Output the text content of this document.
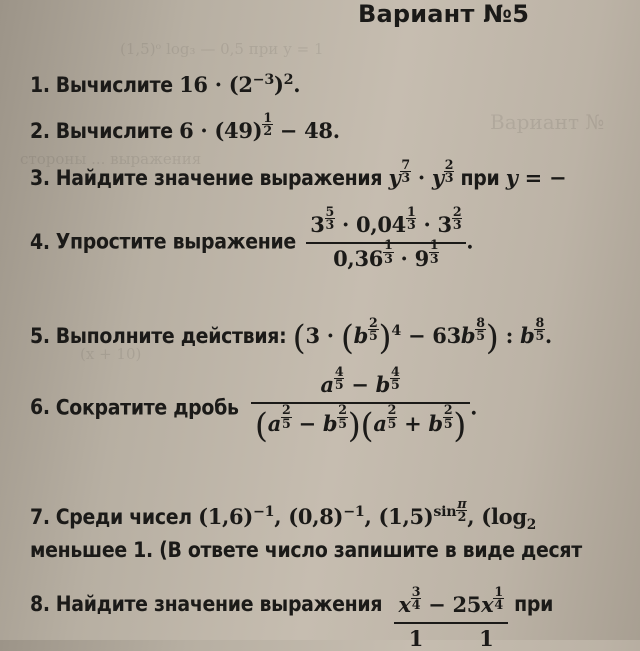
(1,5)ᵒ log₃ — 0,5 при у = 1
Вариант №
стороны ... выражения
(x + 10)
Вариант №5
1. Вычислите $16 \cdot (2^{-3})^2$.
2. Вычислите $6 \cdot (49) \frac{1}{2} - 48$.
3. Найдите значение выражения y $\frac{7}{3} \cdot y \frac{2}{3}$ при y = −
4. Упростите выражение $\frac{3 \frac{5}{3} \cdot 0,04 \frac{1}{3} \cdot 3 \frac{2}{3}}{0,36 \frac{1}{3} \cdot 9 \frac{1}{3}}$ .
5. Выполните действия: ($3 \cdot (b \frac{2}{5} )^4 - 63b \frac{8}{5}$ ) : b $\frac{8}{5}$ .
6. Сократите дробь $\frac{a \frac{4}{5} - b \frac{4}{5}}{(a \frac{2}{5} - b \frac{2}{5} )(a \frac{2}{5} + b \frac{2}{5} )}$ .
7. Среди чисел $(1,6)^{-1}$, $(0,8)^{-1}$, $(1,5)^{sin} \frac{\pi}{2}$ , ($\log_2$
меньшее 1. (В ответе число запишите в виде десят
8. Найдите значение выражения $\frac{x \frac{3}{4} - 25x \frac{1}{4}}{1 1}$ при
